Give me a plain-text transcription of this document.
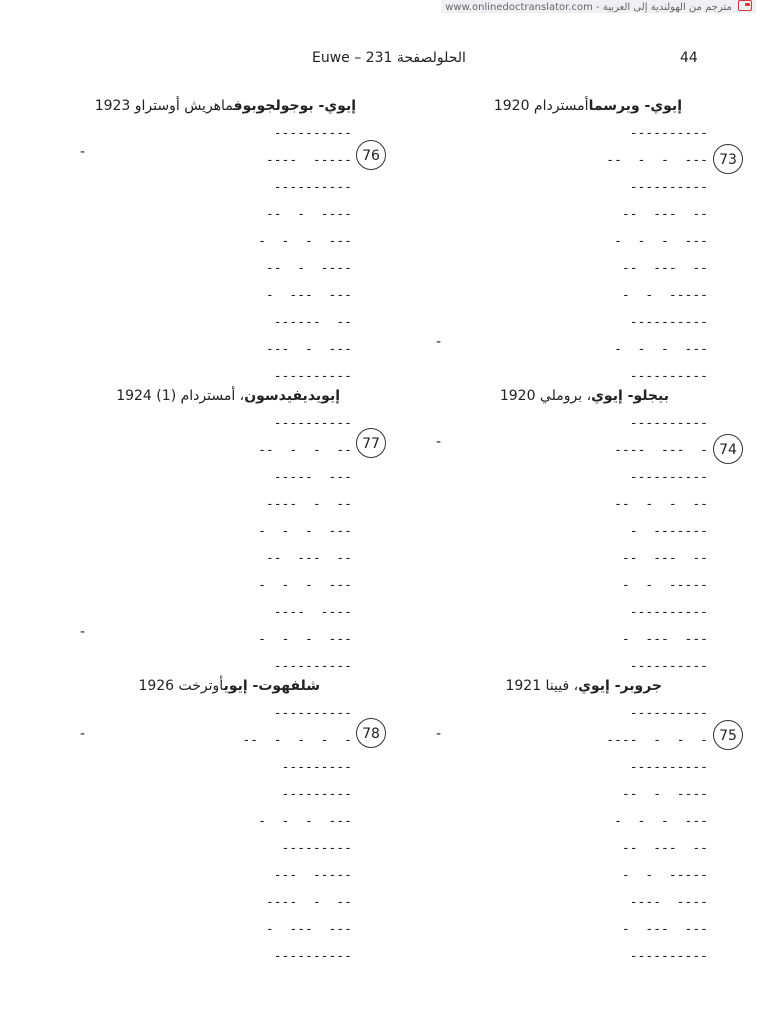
www.onlinedoctranslator.com - مترجم من الهولندية إلى العربية
Euwe – 231 الحلولصفحة	44
إيوي- ويرسماأمستردام 1920
----------
--  -  -  ---
----------
--  ---  --
-  -  -  ---
--  ---  --
-  -  -----
----------
-  -  -  ---
----------
73
بيجلو- إيوي، بروملي 1920
----------
----  ---  -
----------
--  -  -  --
-  -------
--  ---  --
-  -  -----
----------
-  ---  ---
----------
74
جروبر- إيوي، فيينا 1921
----------
----  -  -  -
----------
--  -  ----
-  -  -  ---
--  ---  --
-  -  -----
----  ----
-  ---  ---
----------
75
إيوي- بوجولجوبوفماهريش أوسترا‌و 1923
----------
----  -----
----------
--  -  ----
-  -  -  ---
--  -  ----
-  ---  ---
------  --
---  -  ---
----------
76
إيويديفيدسون، أمستردام (1) 1924
----------
--  -  -  --
-----  ---
----  -  --
-  -  -  ---
--  ---  --
-  -  -  ---
----  ----
-  -  -  ---
----------
77
شلفهوت- إيويأوترخت 1926
----------
--  -  -  -  -
---------
---------
-  -  -  ---
---------
---  -----
----  -  --
-  ---  ---
----------
78
-
-
-
-
-	-
